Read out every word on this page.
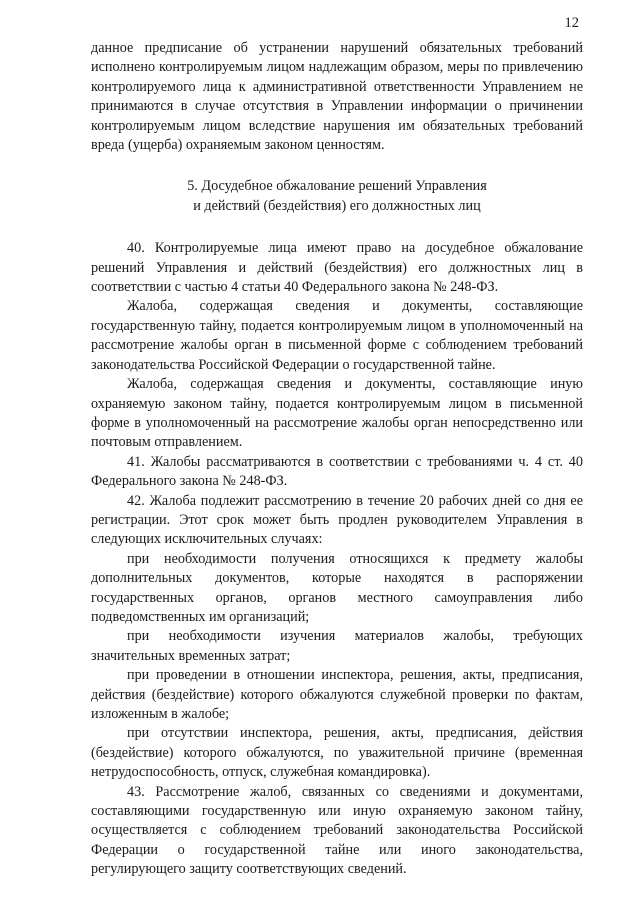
12

данное предписание об устранении нарушений обязательных требований исполнено контролируемым лицом надлежащим образом, меры по привлечению контролируемого лица к административной ответственности Управлением не принимаются в случае отсутствия в Управлении информации о причинении контролируемым лицом вследствие нарушения им обязательных требований вреда (ущерба) охраняемым законом ценностям.

5. Досудебное обжалование решений Управления
и действий (бездействия) его должностных лиц

40. Контролируемые лица имеют право на досудебное обжалование решений Управления и действий (бездействия) его должностных лиц в соответствии с частью 4 статьи 40 Федерального закона № 248-ФЗ.

Жалоба, содержащая сведения и документы, составляющие государственную тайну, подается контролируемым лицом в уполномоченный на рассмотрение жалобы орган в письменной форме с соблюдением требований законодательства Российской Федерации о государственной тайне.

Жалоба, содержащая сведения и документы, составляющие иную охраняемую законом тайну, подается контролируемым лицом в письменной форме в уполномоченный на рассмотрение жалобы орган непосредственно или почтовым отправлением.

41. Жалобы рассматриваются в соответствии с требованиями ч. 4 ст. 40 Федерального закона № 248-ФЗ.

42. Жалоба подлежит рассмотрению в течение 20 рабочих дней со дня ее регистрации. Этот срок может быть продлен руководителем Управления в следующих исключительных случаях:

при необходимости получения относящихся к предмету жалобы дополнительных документов, которые находятся в распоряжении государственных органов, органов местного самоуправления либо подведомственных им организаций;

при необходимости изучения материалов жалобы, требующих значительных временных затрат;

при проведении в отношении инспектора, решения, акты, предписания, действия (бездействие) которого обжалуются служебной проверки по фактам, изложенным в жалобе;

при отсутствии инспектора, решения, акты, предписания, действия (бездействие) которого обжалуются, по уважительной причине (временная нетрудоспособность, отпуск, служебная командировка).

43. Рассмотрение жалоб, связанных со сведениями и документами, составляющими государственную или иную охраняемую законом тайну, осуществляется с соблюдением требований законодательства Российской Федерации о государственной тайне или иного законодательства, регулирующего защиту соответствующих сведений.
